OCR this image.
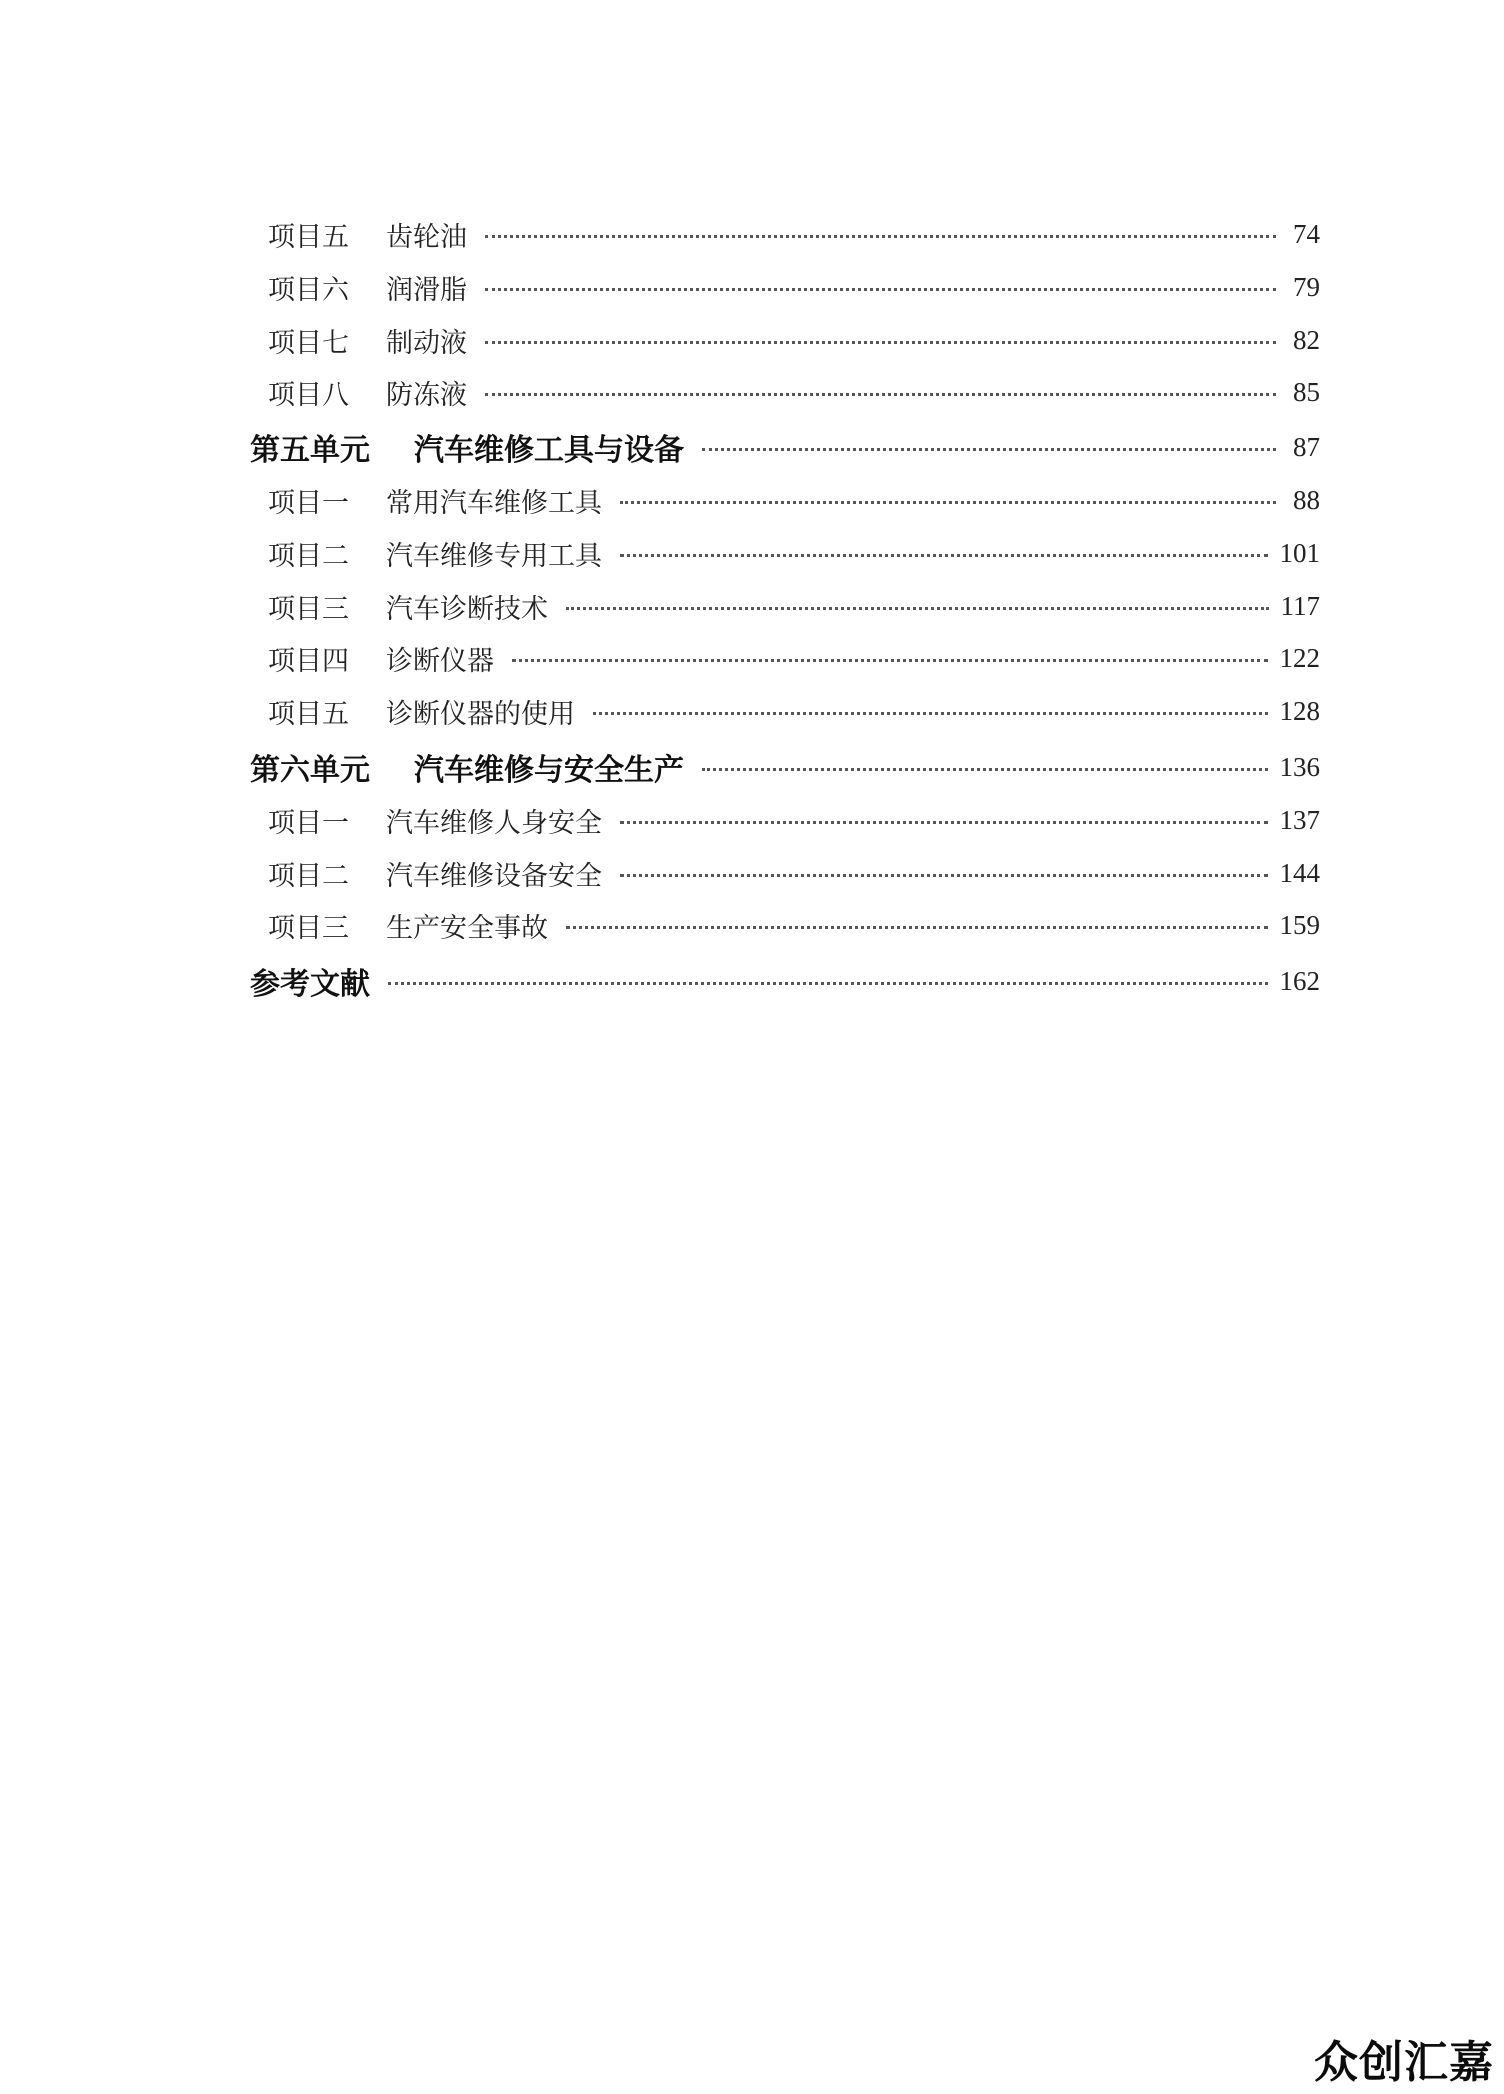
项目五	齿轮油	74
项目六	润滑脂	79
项目七	制动液	82
项目八	防冻液	85
第五单元	汽车维修工具与设备	87
项目一	常用汽车维修工具	88
项目二	汽车维修专用工具	101
项目三	汽车诊断技术	117
项目四	诊断仪器	122
项目五	诊断仪器的使用	128
第六单元	汽车维修与安全生产	136
项目一	汽车维修人身安全	137
项目二	汽车维修设备安全	144
项目三	生产安全事故	159
参考文献	162
众创汇嘉
